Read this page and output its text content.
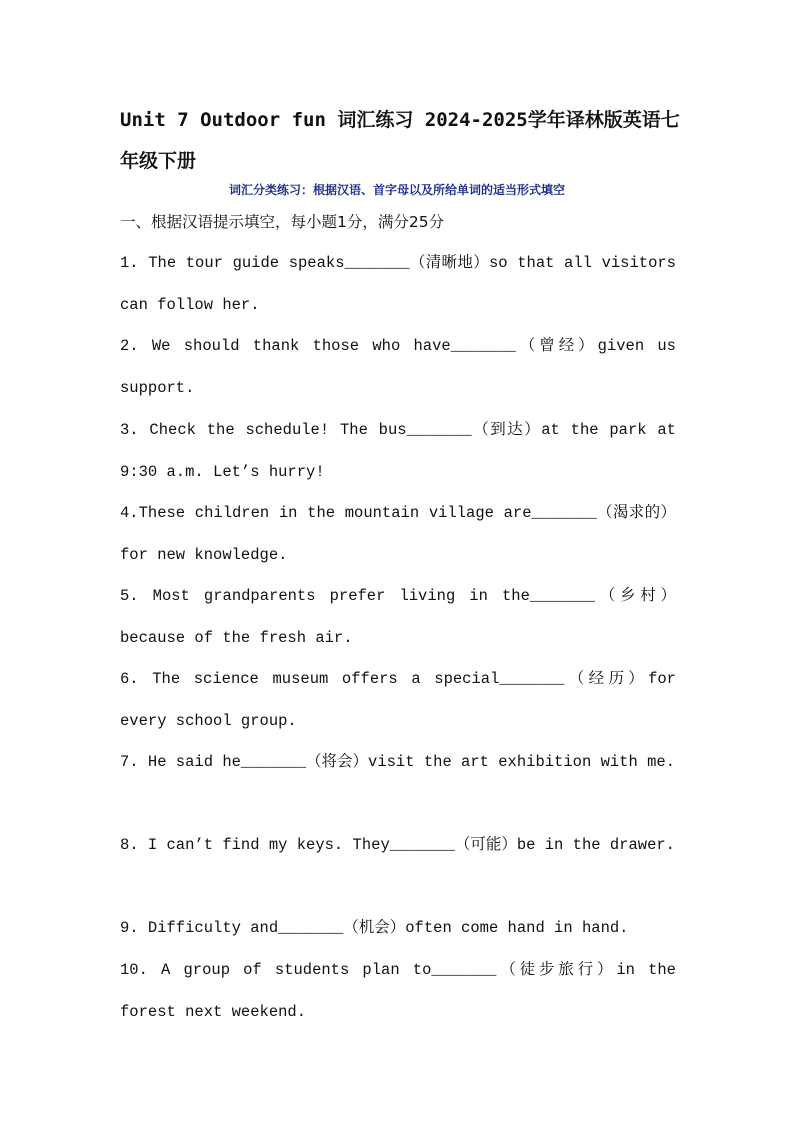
Unit 7 Outdoor fun 词汇练习 2024-2025学年译林版英语七年级下册
词汇分类练习：根据汉语、首字母以及所给单词的适当形式填空
一、根据汉语提示填空，每小题1分，满分25分
1. The tour guide speaks_______（清晰地）so that all visitors can follow her.
2. We should thank those who have_______（曾经）given us support.
3. Check the schedule! The bus_______（到达）at the park at 9:30 a.m. Let’s hurry!
4.These children in the mountain village are_______（渴求的）for new knowledge.
5. Most grandparents prefer living in the_______（乡村）because of the fresh air.
6. The science museum offers a special_______（经历）for every school group.
7. He said he_______（将会）visit the art exhibition with me.
8. I can’t find my keys. They_______（可能）be in the drawer.
9. Difficulty and_______（机会）often come hand in hand.
10. A group of students plan to_______（徒步旅行）in the forest next weekend.
